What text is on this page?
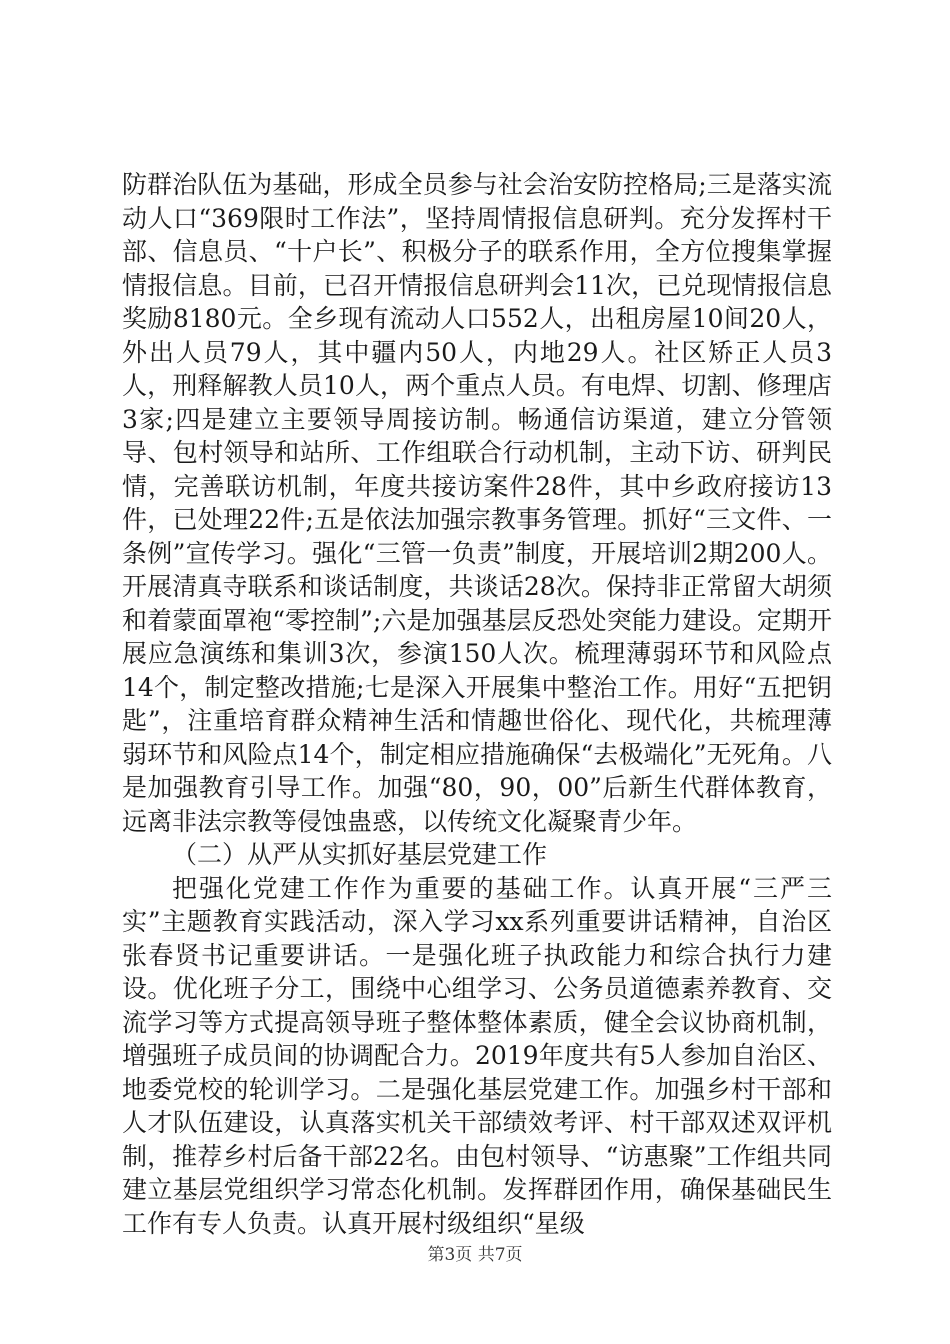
防群治队伍为基础，形成全员参与社会治安防控格局;三是落实流动人口“369限时工作法”，坚持周情报信息研判。充分发挥村干部、信息员、“十户长”、积极分子的联系作用，全方位搜集掌握情报信息。目前，已召开情报信息研判会11次，已兑现情报信息奖励8180元。全乡现有流动人口552人，出租房屋10间20人，外出人员79人，其中疆内50人，内地29人。社区矫正人员3人，刑释解教人员10人，两个重点人员。有电焊、切割、修理店3家;四是建立主要领导周接访制。畅通信访渠道，建立分管领导、包村领导和站所、工作组联合行动机制，主动下访、研判民情，完善联访机制，年度共接访案件28件，其中乡政府接访13件，已处理22件;五是依法加强宗教事务管理。抓好“三文件、一条例”宣传学习。强化“三管一负责”制度，开展培训2期200人。开展清真寺联系和谈话制度，共谈话28次。保持非正常留大胡须和着蒙面罩袍“零控制”;六是加强基层反恐处突能力建设。定期开展应急演练和集训3次，参演150人次。梳理薄弱环节和风险点14个，制定整改措施;七是深入开展集中整治工作。用好“五把钥匙”，注重培育群众精神生活和情趣世俗化、现代化，共梳理薄弱环节和风险点14个，制定相应措施确保“去极端化”无死角。八是加强教育引导工作。加强“80，90，00”后新生代群体教育，远离非法宗教等侵蚀蛊惑，以传统文化凝聚青少年。

（二）从严从实抓好基层党建工作

把强化党建工作作为重要的基础工作。认真开展“三严三实”主题教育实践活动，深入学习xx系列重要讲话精神，自治区张春贤书记重要讲话。一是强化班子执政能力和综合执行力建设。优化班子分工，围绕中心组学习、公务员道德素养教育、交流学习等方式提高领导班子整体整体素质，健全会议协商机制，增强班子成员间的协调配合力。2019年度共有5人参加自治区、地委党校的轮训学习。二是强化基层党建工作。加强乡村干部和人才队伍建设，认真落实机关干部绩效考评、村干部双述双评机制，推荐乡村后备干部22名。由包村领导、“访惠聚”工作组共同建立基层党组织学习常态化机制。发挥群团作用，确保基础民生工作有专人负责。认真开展村级组织“星级

第3页 共7页
